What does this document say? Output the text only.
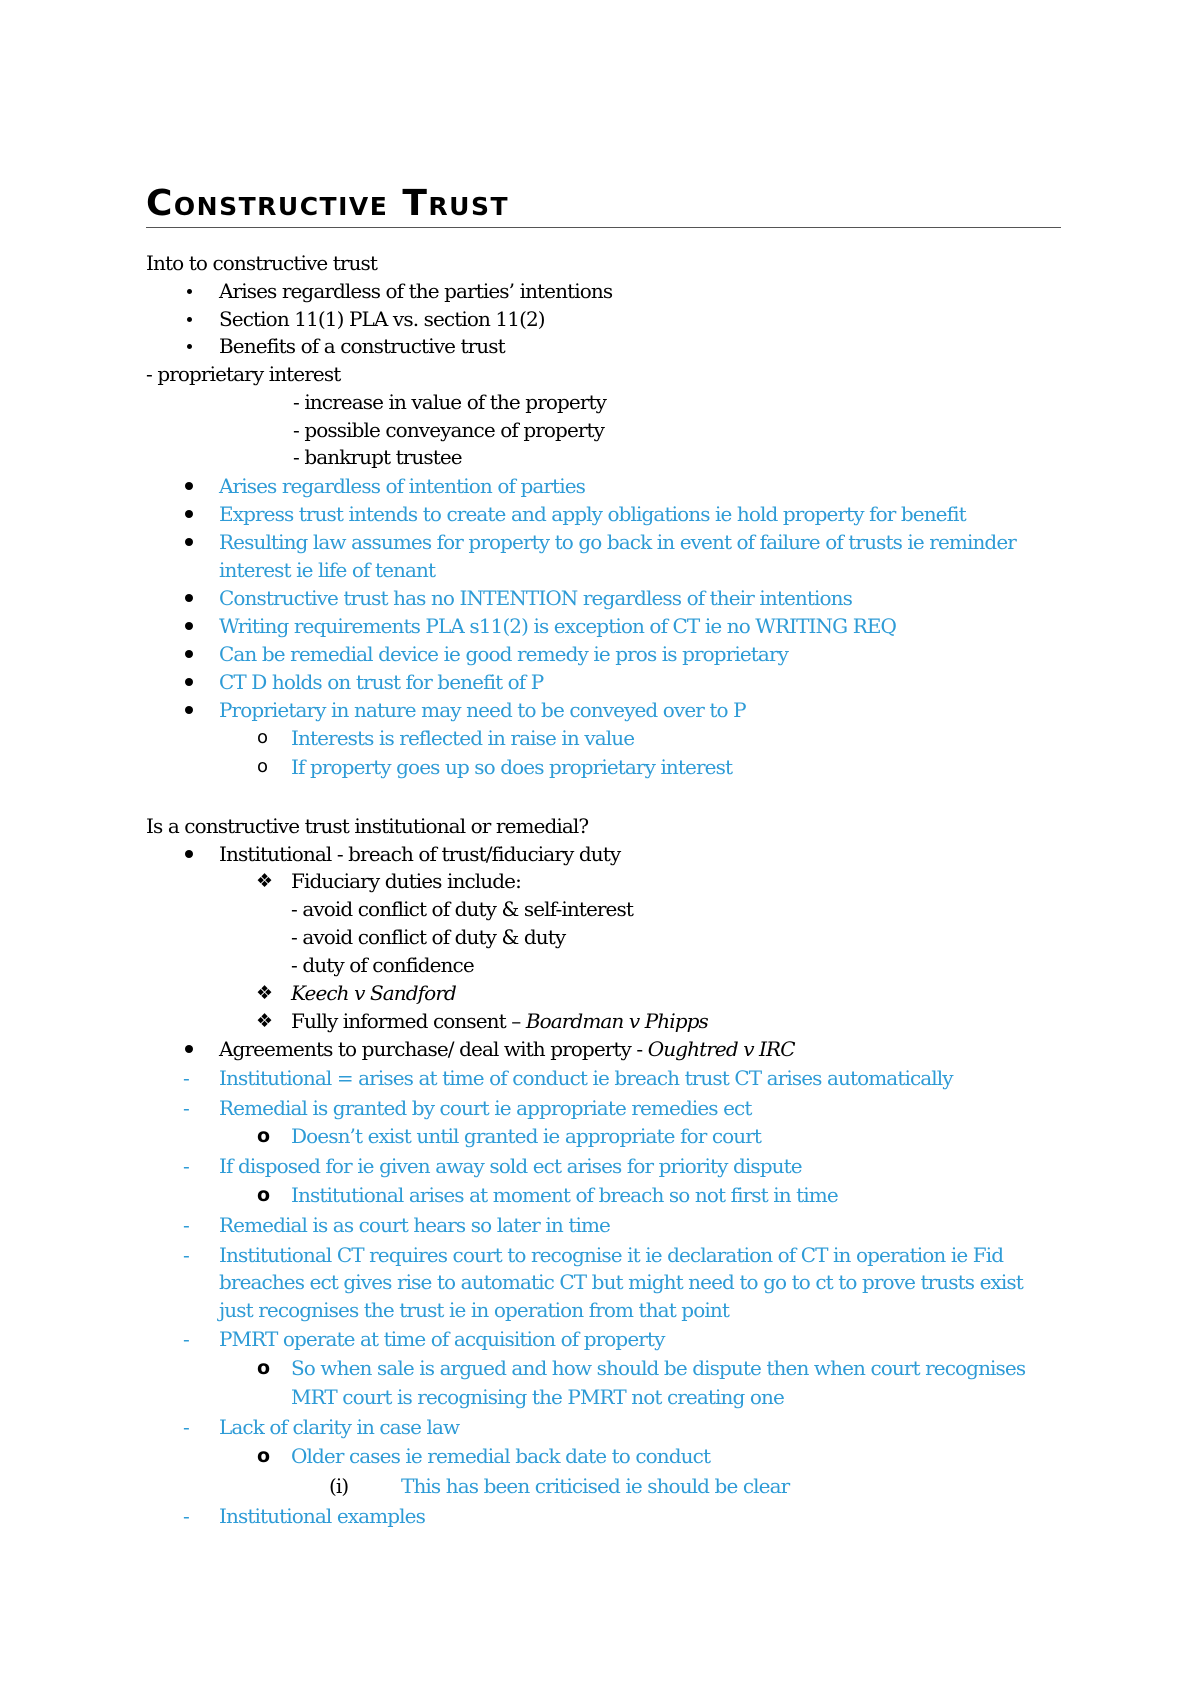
Constructive Trust
Into to constructive trust
Arises regardless of the parties’ intentions
Section 11(1) PLA vs. section 11(2)
Benefits of a constructive trust
- proprietary interest
- increase in value of the property
- possible conveyance of property
- bankrupt trustee
Arises regardless of intention of parties
Express trust intends to create and apply obligations ie hold property for benefit
Resulting law assumes for property to go back in event of failure of trusts ie reminder
interest ie life of tenant
Constructive trust has no INTENTION regardless of their intentions
Writing requirements PLA s11(2) is exception of CT ie no WRITING REQ
Can be remedial device ie good remedy ie pros is proprietary
CT D holds on trust for benefit of P
Proprietary in nature may need to be conveyed over to P
o Interests is reflected in raise in value
o If property goes up so does proprietary interest
Is a constructive trust institutional or remedial?
Institutional - breach of trust/fiduciary duty
❖ Fiduciary duties include:
- avoid conflict of duty & self-interest
- avoid conflict of duty & duty
- duty of confidence
❖ Keech v Sandford
❖ Fully informed consent – Boardman v Phipps
Agreements to purchase/ deal with property - Oughtred v IRC
- Institutional = arises at time of conduct ie breach trust CT arises automatically
- Remedial is granted by court ie appropriate remedies ect
o Doesn’t exist until granted ie appropriate for court
- If disposed for ie given away sold ect arises for priority dispute
o Institutional arises at moment of breach so not first in time
- Remedial is as court hears so later in time
- Institutional CT requires court to recognise it ie declaration of CT in operation ie Fid
breaches ect gives rise to automatic CT but might need to go to ct to prove trusts exist
just recognises the trust ie in operation from that point
- PMRT operate at time of acquisition of property
o So when sale is argued and how should be dispute then when court recognises
MRT court is recognising the PMRT not creating one
- Lack of clarity in case law
o Older cases ie remedial back date to conduct
(i)	This has been criticised ie should be clear
- Institutional examples
